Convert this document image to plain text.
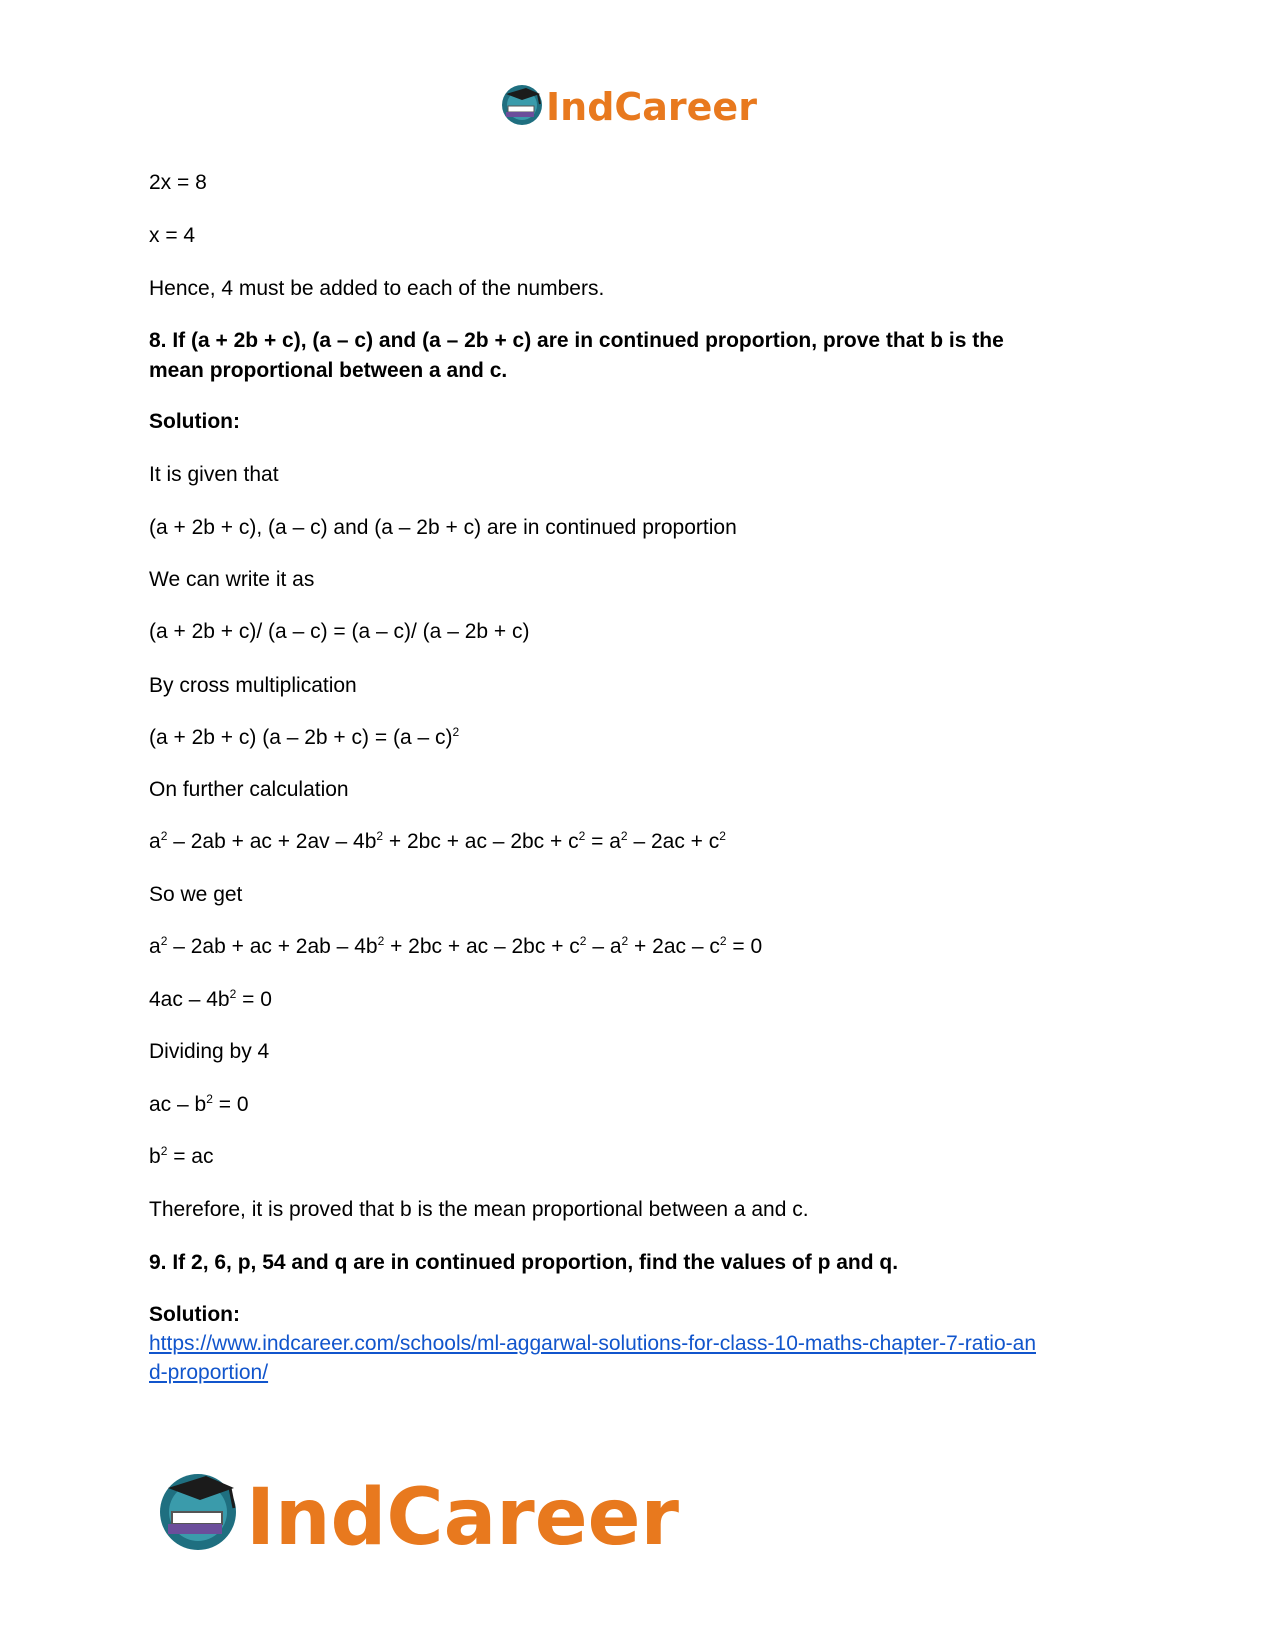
IndCareer
2x = 8
x = 4
Hence, 4 must be added to each of the numbers.
8. If (a + 2b + c), (a – c) and (a – 2b + c) are in continued proportion, prove that b is the
mean proportional between a and c.
Solution:
It is given that
(a + 2b + c), (a – c) and (a – 2b + c) are in continued proportion
We can write it as
(a + 2b + c)/ (a – c) = (a – c)/ (a – 2b + c)
By cross multiplication
(a + 2b + c) (a – 2b + c) = (a – c)$^2$
On further calculation
$a^2 - 2ab$ + ac + $2av - 4b^2 + 2bc$ + ac – $2bc + c^2 = a^2 - 2ac + c^2$
So we get
$a^2 - 2ab$ + ac + $2ab - 4b^2 + 2bc$ + ac – $2bc + c^2 - a^2 + 2ac - c^2 = 0$
$4ac - 4b^2 = 0$
Dividing by 4
ac – $b^2 = 0$
$b^2$ = ac
Therefore, it is proved that b is the mean proportional between a and c.
9. If 2, 6, p, 54 and q are in continued proportion, find the values of p and q.
Solution:
https://www.indcareer.com/schools/ml-aggarwal-solutions-for-class-10-maths-chapter-7-ratio-an
d-proportion/
IndCareer
